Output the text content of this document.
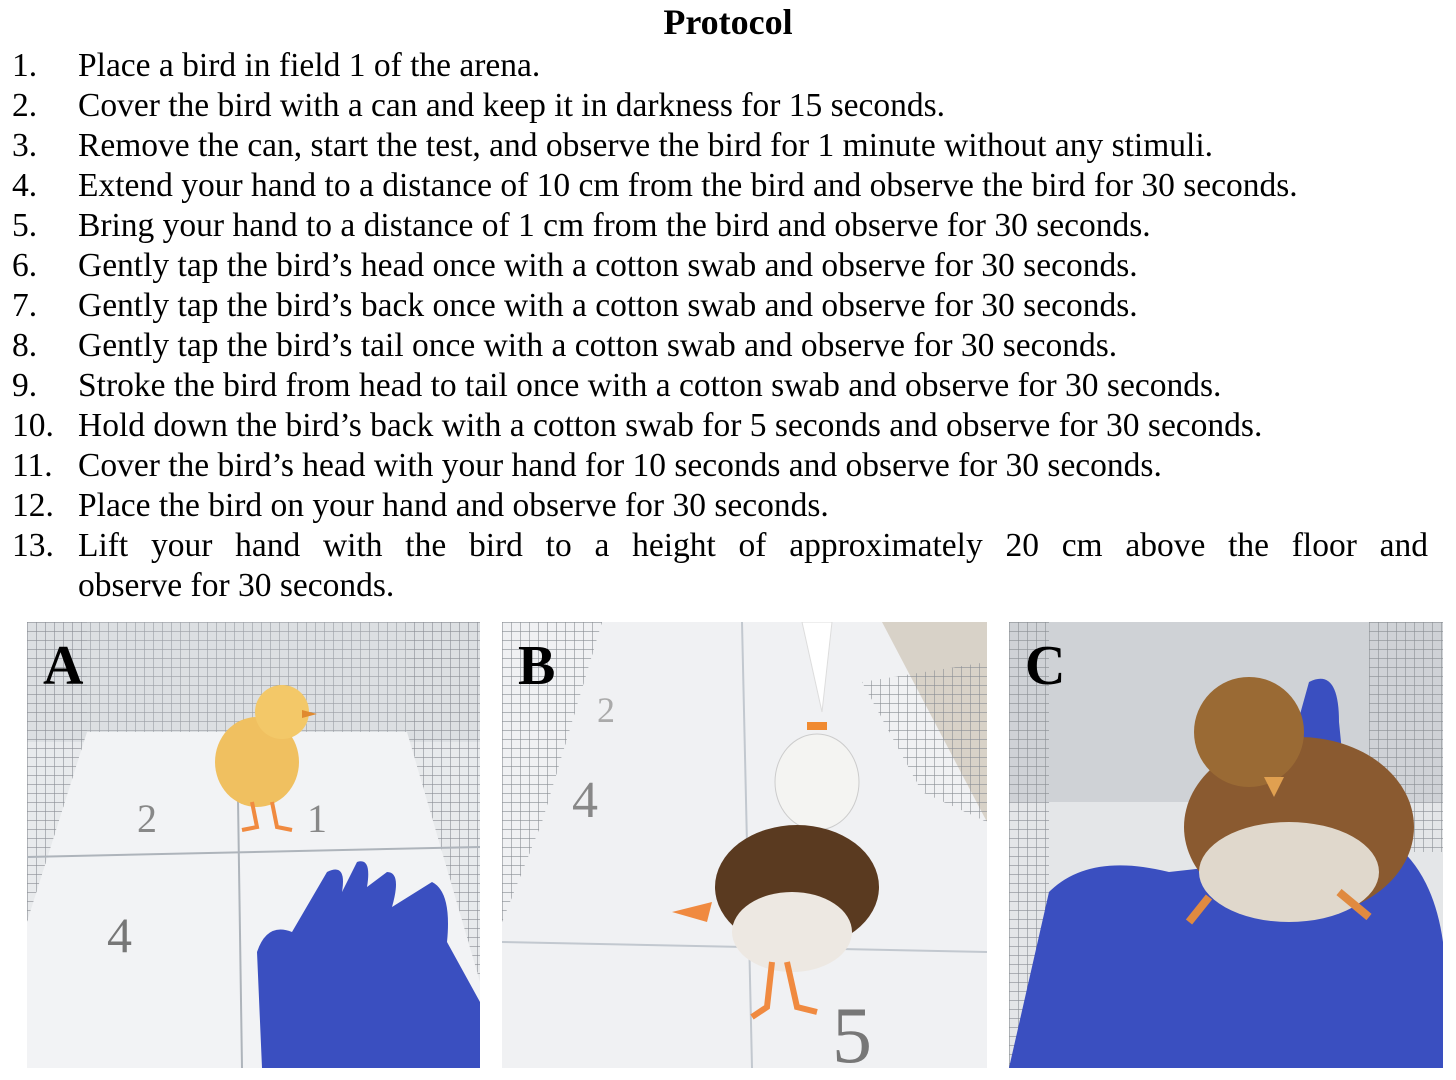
Protocol
1. Place a bird in field 1 of the arena.
2. Cover the bird with a can and keep it in darkness for 15 seconds.
3. Remove the can, start the test, and observe the bird for 1 minute without any stimuli.
4. Extend your hand to a distance of 10 cm from the bird and observe the bird for 30 seconds.
5. Bring your hand to a distance of 1 cm from the bird and observe for 30 seconds.
6. Gently tap the bird’s head once with a cotton swab and observe for 30 seconds.
7. Gently tap the bird’s back once with a cotton swab and observe for 30 seconds.
8. Gently tap the bird’s tail once with a cotton swab and observe for 30 seconds.
9. Stroke the bird from head to tail once with a cotton swab and observe for 30 seconds.
10. Hold down the bird’s back with a cotton swab for 5 seconds and observe for 30 seconds.
11. Cover the bird’s head with your hand for 10 seconds and observe for 30 seconds.
12. Place the bird on your hand and observe for 30 seconds.
13. Lift your hand with the bird to a height of approximately 20 cm above the floor and
observe for 30 seconds.
2	1
4
A
2
4
5
B	C
